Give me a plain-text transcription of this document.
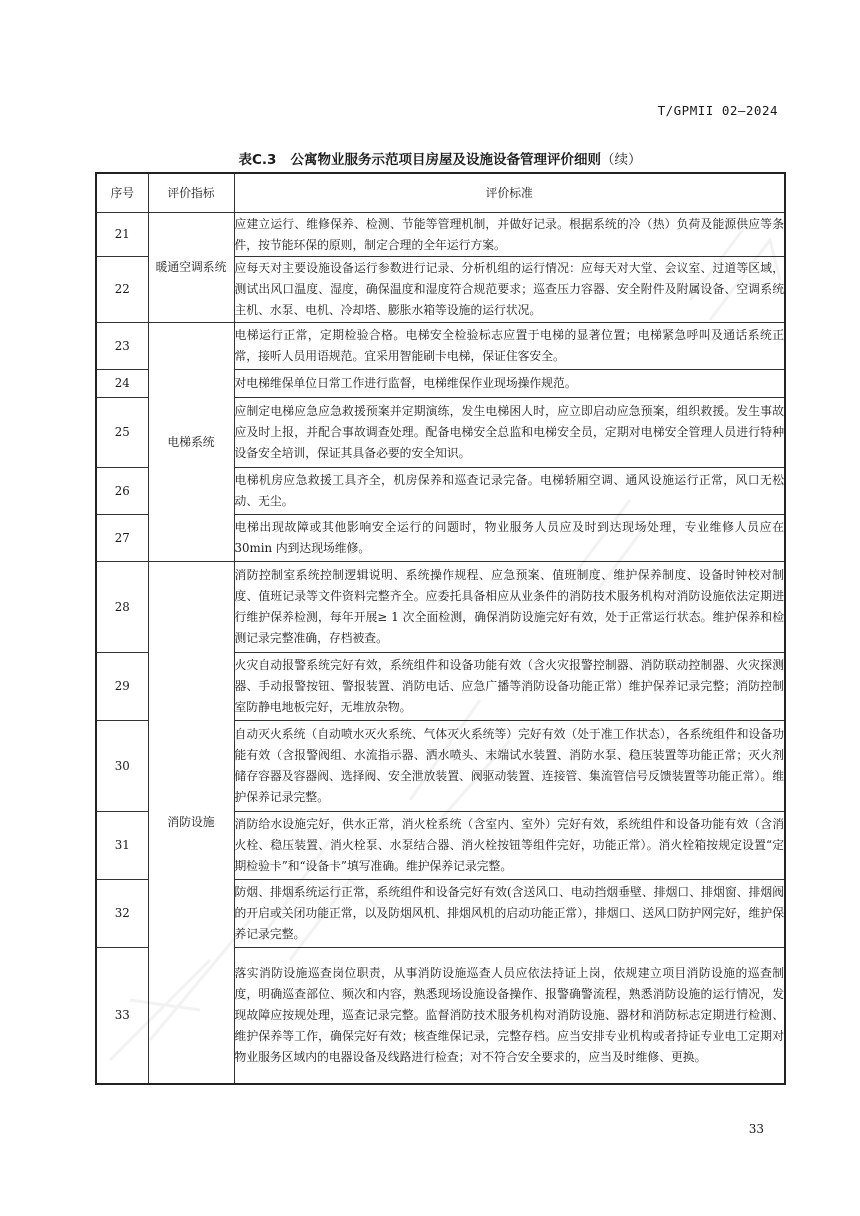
T/GPMII 02—2024
表C.3 公寓物业服务示范项目房屋及设施设备管理评价细则（续）
序号	评价指标	评价标准
21	暖通空调系统	应建立运行、维修保养、检测、节能等管理机制，并做好记录。根据系统的冷（热）负荷及能源供应等条件，按节能环保的原则，制定合理的全年运行方案。
22		应每天对主要设施设备运行参数进行记录、分析机组的运行情况：应每天对大堂、会议室、过道等区域，测试出风口温度、湿度，确保温度和湿度符合规范要求；巡查压力容器、安全附件及附属设备、空调系统主机、水泵、电机、冷却塔、膨胀水箱等设施的运行状况。
23	电梯系统	电梯运行正常，定期检验合格。电梯安全检验标志应置于电梯的显著位置；电梯紧急呼叫及通话系统正常，接听人员用语规范。宜采用智能刷卡电梯，保证住客安全。
24		对电梯维保单位日常工作进行监督，电梯维保作业现场操作规范。
25		应制定电梯应急应急救援预案并定期演练，发生电梯困人时，应立即启动应急预案，组织救援。发生事故应及时上报，并配合事故调查处理。配备电梯安全总监和电梯安全员，定期对电梯安全管理人员进行特种设备安全培训，保证其具备必要的安全知识。
26		电梯机房应急救援工具齐全，机房保养和巡查记录完备。电梯轿厢空调、通风设施运行正常，风口无松动、无尘。
27		电梯出现故障或其他影响安全运行的问题时，物业服务人员应及时到达现场处理，专业维修人员应在 30min 内到达现场维修。
28	消防设施	消防控制室系统控制逻辑说明、系统操作规程、应急预案、值班制度、维护保养制度、设备时钟校对制度、值班记录等文件资料完整齐全。应委托具备相应从业条件的消防技术服务机构对消防设施依法定期进行维护保养检测，每年开展≥ 1 次全面检测，确保消防设施完好有效，处于正常运行状态。维护保养和检测记录完整准确，存档被查。
29		火灾自动报警系统完好有效，系统组件和设备功能有效（含火灾报警控制器、消防联动控制器、火灾探测器、手动报警按钮、警报装置、消防电话、应急广播等消防设备功能正常）维护保养记录完整；消防控制室防静电地板完好，无堆放杂物。
30		自动灭火系统（自动喷水灭火系统、气体灭火系统等）完好有效（处于准工作状态），各系统组件和设备功能有效（含报警阀组、水流指示器、洒水喷头、末端试水装置、消防水泵、稳压装置等功能正常；灭火剂储存容器及容器阀、选择阀、安全泄放装置、阀驱动装置、连接管、集流管信号反馈装置等功能正常）。维护保养记录完整。
31		消防给水设施完好，供水正常，消火栓系统（含室内、室外）完好有效，系统组件和设备功能有效（含消火栓、稳压装置、消火栓泵、水泵结合器、消火栓按钮等组件完好，功能正常）。消火栓箱按规定设置“定期检验卡”和“设备卡”填写准确。维护保养记录完整。
32		防烟、排烟系统运行正常，系统组件和设备完好有效(含送风口、电动挡烟垂壁、排烟口、排烟窗、排烟阀的开启或关闭功能正常，以及防烟风机、排烟风机的启动功能正常），排烟口、送风口防护网完好，维护保养记录完整。
33		落实消防设施巡查岗位职责，从事消防设施巡查人员应依法持证上岗，依规建立项目消防设施的巡查制度，明确巡查部位、频次和内容，熟悉现场设施设备操作、报警确警流程，熟悉消防设施的运行情况，发现故障应按规处理，巡查记录完整。监督消防技术服务机构对消防设施、器材和消防标志定期进行检测、维护保养等工作，确保完好有效；核查维保记录，完整存档。应当安排专业机构或者持证专业电工定期对物业服务区域内的电器设备及线路进行检查；对不符合安全要求的，应当及时维修、更换。
33
